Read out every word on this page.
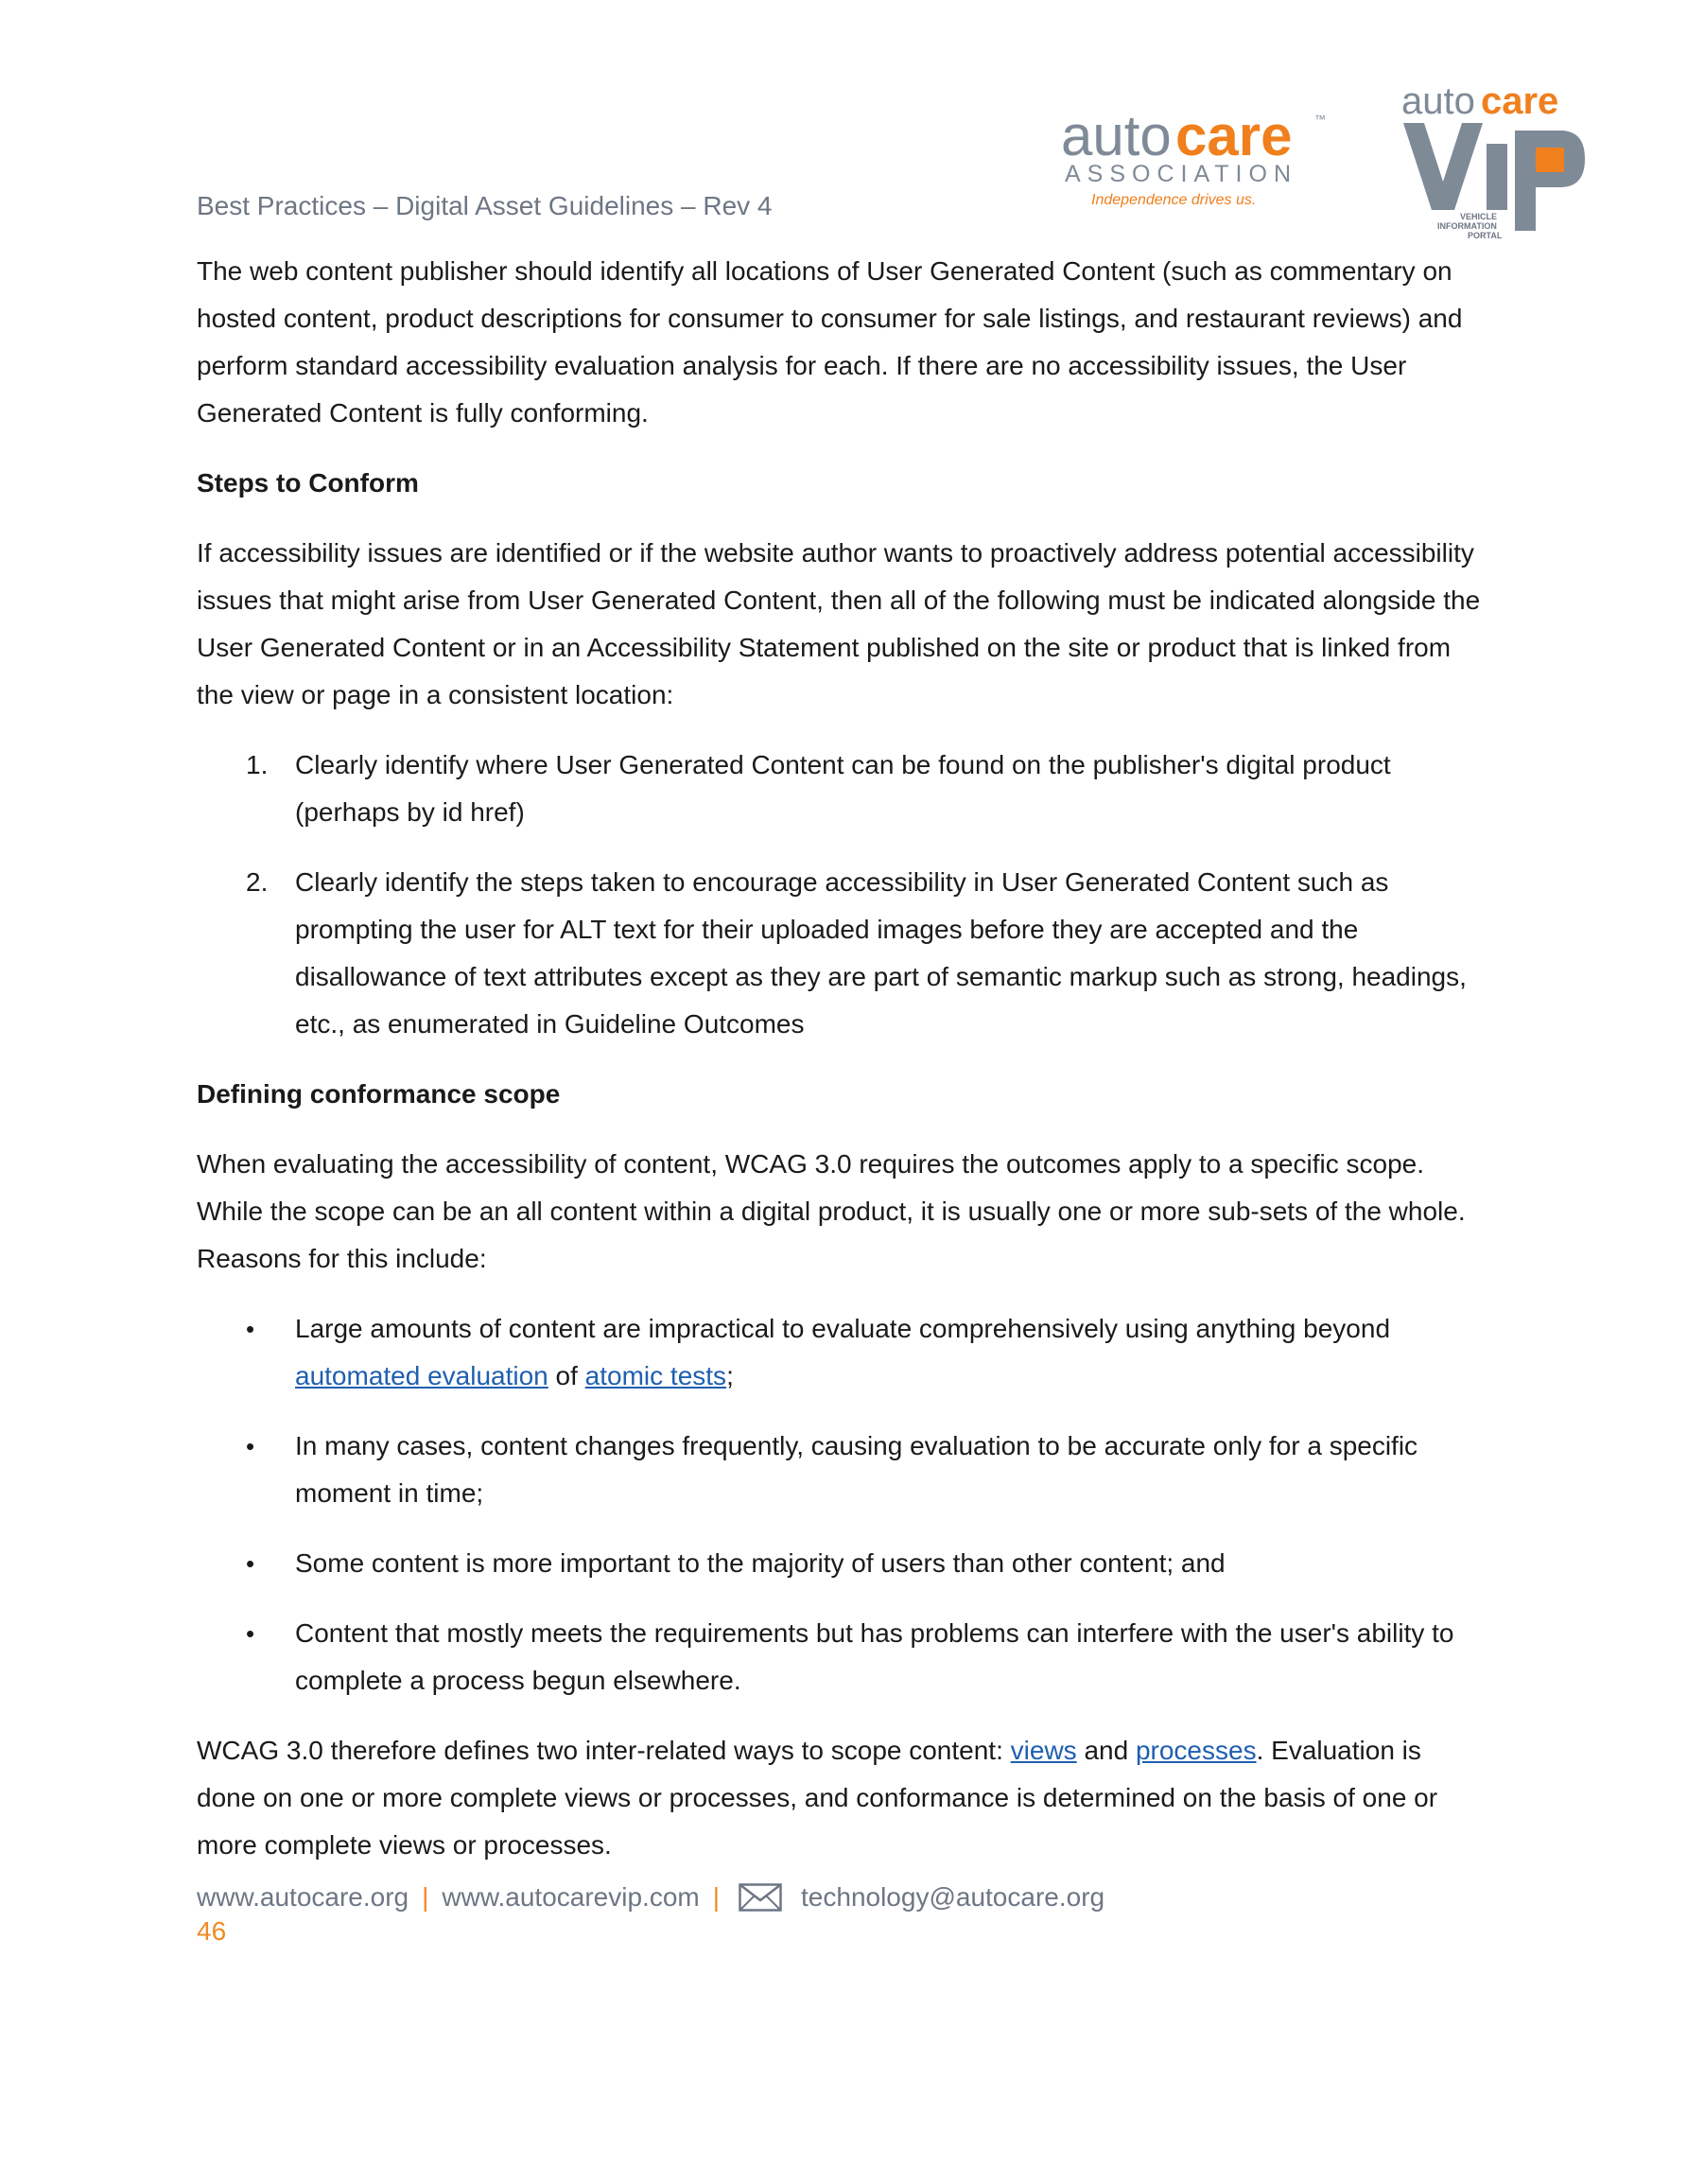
Best Practices – Digital Asset Guidelines – Rev 4
auto care ™
ASSOCIATION
Independence drives us.
auto care
VEHICLE
INFORMATION
PORTAL

The web content publisher should identify all locations of User Generated Content (such as commentary on hosted content, product descriptions for consumer to consumer for sale listings, and restaurant reviews) and perform standard accessibility evaluation analysis for each. If there are no accessibility issues, the User Generated Content is fully conforming.

Steps to Conform

If accessibility issues are identified or if the website author wants to proactively address potential accessibility issues that might arise from User Generated Content, then all of the following must be indicated alongside the User Generated Content or in an Accessibility Statement published on the site or product that is linked from the view or page in a consistent location:

1. Clearly identify where User Generated Content can be found on the publisher's digital product (perhaps by id href)
2. Clearly identify the steps taken to encourage accessibility in User Generated Content such as prompting the user for ALT text for their uploaded images before they are accepted and the disallowance of text attributes except as they are part of semantic markup such as strong, headings, etc., as enumerated in Guideline Outcomes
Defining conformance scope

When evaluating the accessibility of content, WCAG 3.0 requires the outcomes apply to a specific scope. While the scope can be an all content within a digital product, it is usually one or more sub-sets of the whole. Reasons for this include:

• Large amounts of content are impractical to evaluate comprehensively using anything beyond automated evaluation of atomic tests;
• In many cases, content changes frequently, causing evaluation to be accurate only for a specific moment in time;
• Some content is more important to the majority of users than other content; and
• Content that mostly meets the requirements but has problems can interfere with the user's ability to complete a process begun elsewhere.

WCAG 3.0 therefore defines two inter-related ways to scope content: views and processes. Evaluation is done on one or more complete views or processes, and conformance is determined on the basis of one or more complete views or processes.

www.autocare.org | www.autocarevip.com |	technology@autocare.org
46
